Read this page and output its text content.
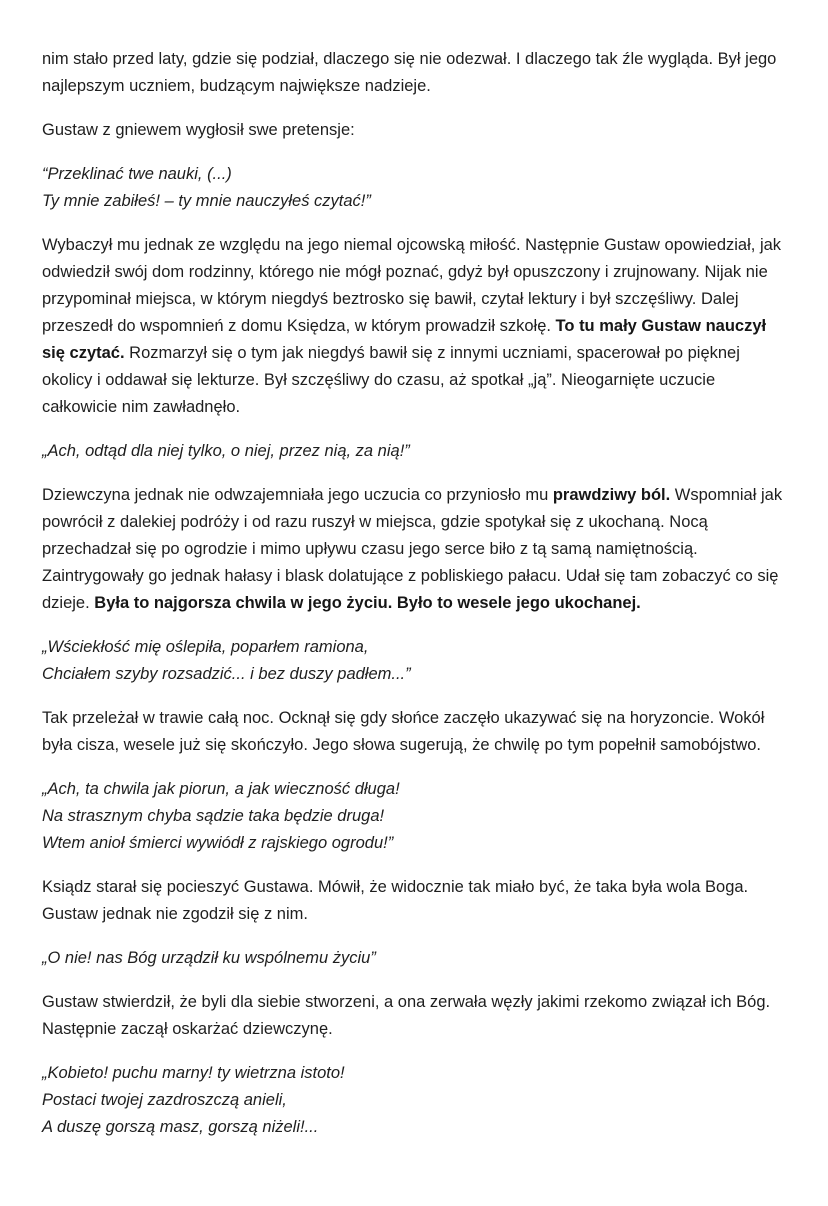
nim stało przed laty, gdzie się podział, dlaczego się nie odezwał. I dlaczego tak źle wygląda. Był jego najlepszym uczniem, budzącym największe nadzieje.

Gustaw z gniewem wygłosił swe pretensje:

“Przeklinać twe nauki, (...)
Ty mnie zabiłeś! – ty mnie nauczyłeś czytać!”

Wybaczył mu jednak ze względu na jego niemal ojcowską miłość. Następnie Gustaw opowiedział, jak odwiedził swój dom rodzinny, którego nie mógł poznać, gdyż był opuszczony i zrujnowany. Nijak nie przypominał miejsca, w którym niegdyś beztrosko się bawił, czytał lektury i był szczęśliwy. Dalej przeszedł do wspomnień z domu Księdza, w którym prowadził szkołę. To tu mały Gustaw nauczył się czytać. Rozmarzył się o tym jak niegdyś bawił się z innymi uczniami, spacerował po pięknej okolicy i oddawał się lekturze. Był szczęśliwy do czasu, aż spotkał „ją”. Nieogarnięte uczucie całkowicie nim zawładnęło.

„Ach, odtąd dla niej tylko, o niej, przez nią, za nią!”

Dziewczyna jednak nie odwzajemniała jego uczucia co przyniosło mu prawdziwy ból. Wspomniał jak powrócił z dalekiej podróży i od razu ruszył w miejsca, gdzie spotykał się z ukochaną. Nocą przechadzał się po ogrodzie i mimo upływu czasu jego serce biło z tą samą namiętnością. Zaintrygowały go jednak hałasy i blask dolatujące z pobliskiego pałacu. Udał się tam zobaczyć co się dzieje. Była to najgorsza chwila w jego życiu. Było to wesele jego ukochanej.

„Wściekłość mię oślepiła, poparłem ramiona,
Chciałem szyby rozsadzić... i bez duszy padłem...”

Tak przeleżał w trawie całą noc. Ocknął się gdy słońce zaczęło ukazywać się na horyzoncie. Wokół była cisza, wesele już się skończyło. Jego słowa sugerują, że chwilę po tym popełnił samobójstwo.

„Ach, ta chwila jak piorun, a jak wieczność długa!
Na strasznym chyba sądzie taka będzie druga!
Wtem anioł śmierci wywiódł z rajskiego ogrodu!”

Ksiądz starał się pocieszyć Gustawa. Mówił, że widocznie tak miało być, że taka była wola Boga. Gustaw jednak nie zgodził się z nim.

„O nie! nas Bóg urządził ku wspólnemu życiu”

Gustaw stwierdził, że byli dla siebie stworzeni, a ona zerwała węzły jakimi rzekomo związał ich Bóg. Następnie zaczął oskarżać dziewczynę.

„Kobieto! puchu marny! ty wietrzna istoto!
Postaci twojej zazdroszczą anieli,
A duszę gorszą masz, gorszą niżeli!...
